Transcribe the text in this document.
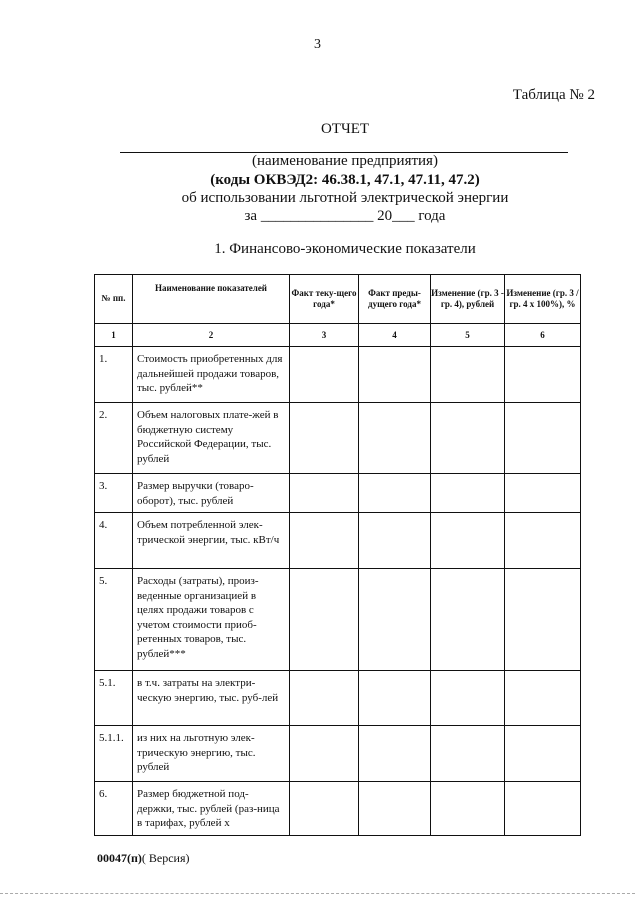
3
Таблица № 2
ОТЧЕТ
(наименование предприятия)
(коды ОКВЭД2: 46.38.1, 47.1, 47.11, 47.2)
об использовании льготной электрической энергии
за _______________ 20___ года
1. Финансово-экономические показатели
№ пп.	Наименование показателей	Факт теку-щего года*	Факт преды-дущего года*	Изменение (гр. 3 - гр. 4), рублей	Изменение (гр. 3 / гр. 4 x 100%), %
1	2	3	4	5	6
1.	Стоимость приобретенных для дальнейшей продажи товаров, тыс. рублей**				
2.	Объем налоговых плате-жей в бюджетную систему Российской Федерации, тыс. рублей				
3.	Размер выручки (товаро-оборот), тыс. рублей				
4.	Объем потребленной элек-трической энергии, тыс. кВт/ч				
5.	Расходы (затраты), произ-веденные организацией в целях продажи товаров с учетом стоимости приоб-ретенных товаров, тыс. рублей***				
5.1.	в т.ч. затраты на электри-ческую энергию, тыс. руб-лей				
5.1.1.	из них на льготную элек-трическую энергию, тыс. рублей				
6.	Размер бюджетной под-держки, тыс. рублей (раз-ница в тарифах, рублей х				
00047(п)( Версия)
